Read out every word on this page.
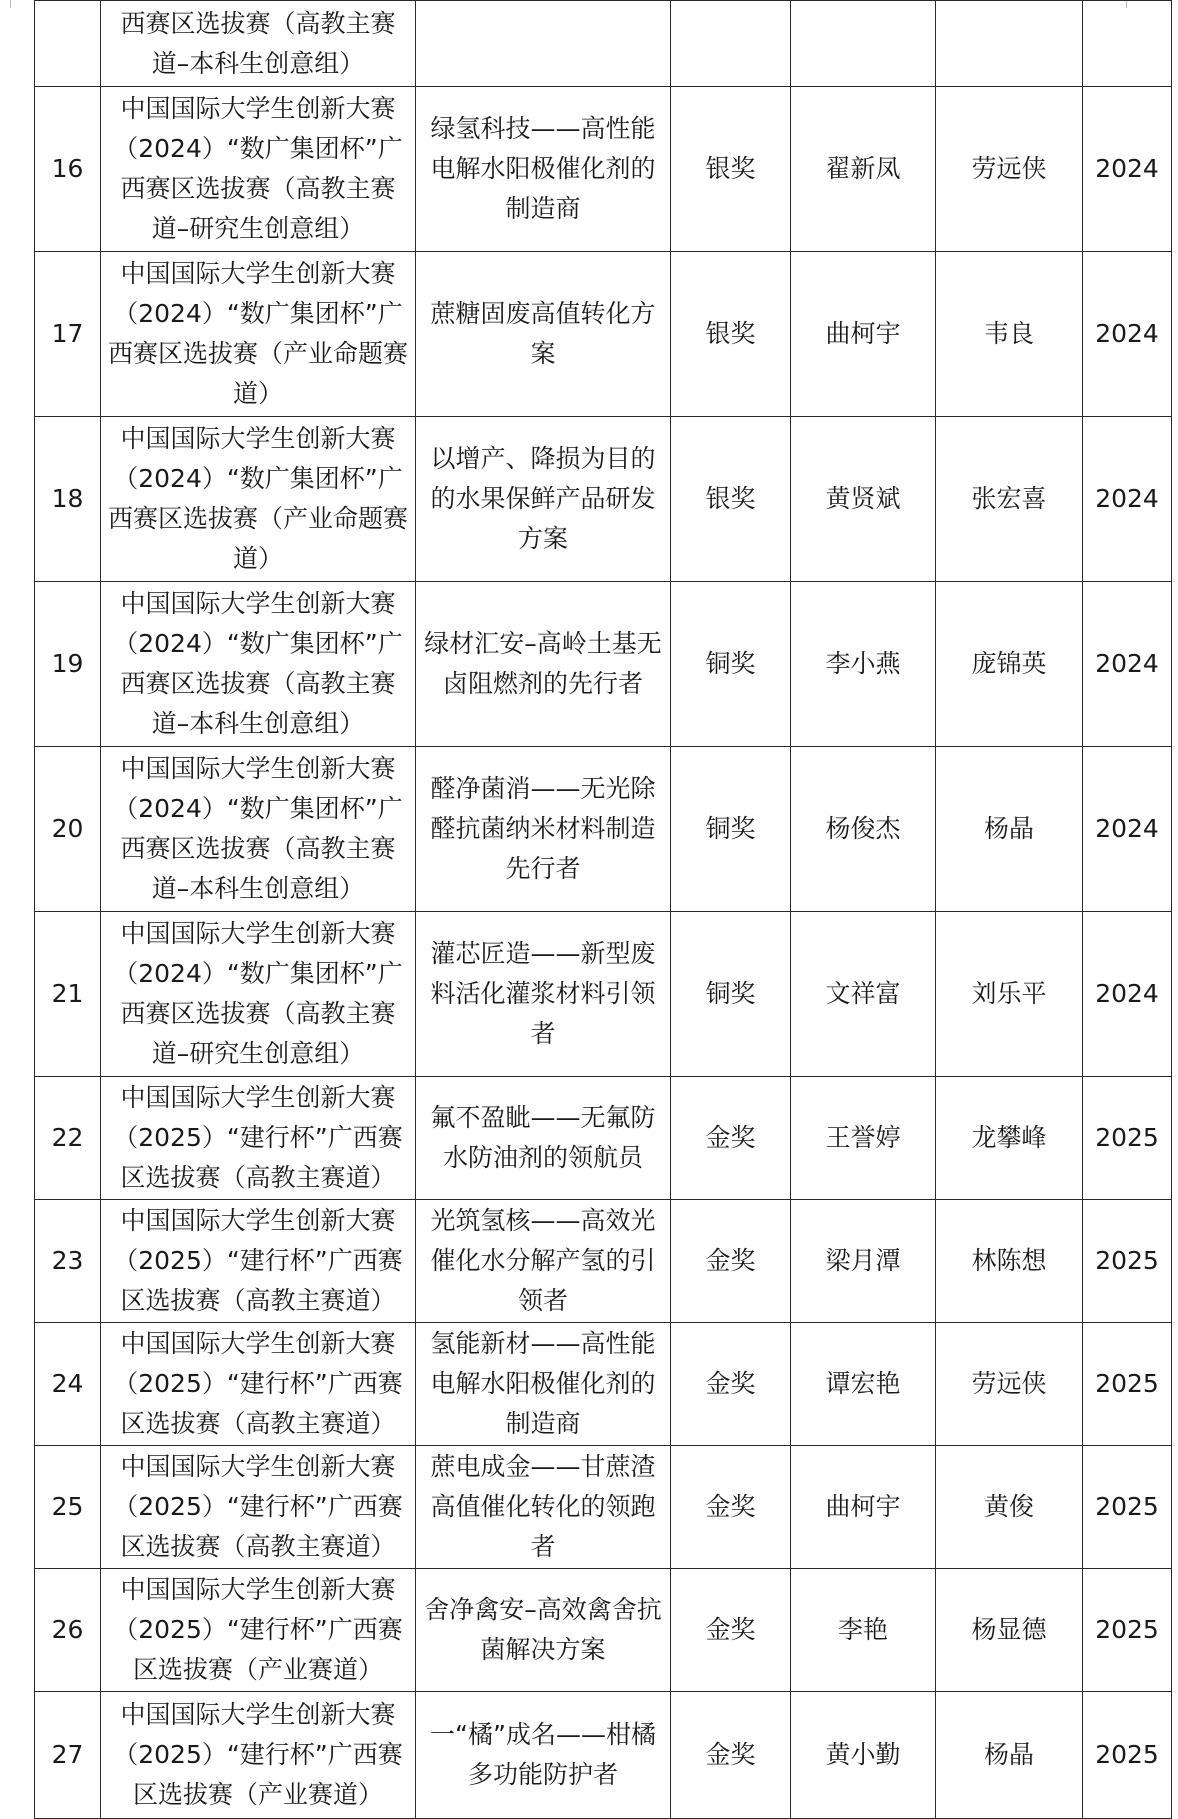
	西赛区选拔赛（高教主赛道–本科生创意组）					
16	中国国际大学生创新大赛（2024）“数广集团杯”广西赛区选拔赛（高教主赛道–研究生创意组）	绿氢科技——高性能电解水阳极催化剂的制造商	银奖	翟新凤	劳远侠	2024
17	中国国际大学生创新大赛（2024）“数广集团杯”广西赛区选拔赛（产业命题赛道）	蔗糖固废高值转化方案	银奖	曲柯宇	韦良	2024
18	中国国际大学生创新大赛（2024）“数广集团杯”广西赛区选拔赛（产业命题赛道）	以增产、降损为目的的水果保鲜产品研发方案	银奖	黄贤斌	张宏喜	2024
19	中国国际大学生创新大赛（2024）“数广集团杯”广西赛区选拔赛（高教主赛道–本科生创意组）	绿材汇安–高岭土基无卤阻燃剂的先行者	铜奖	李小燕	庞锦英	2024
20	中国国际大学生创新大赛（2024）“数广集团杯”广西赛区选拔赛（高教主赛道–本科生创意组）	醛净菌消——无光除醛抗菌纳米材料制造先行者	铜奖	杨俊杰	杨晶	2024
21	中国国际大学生创新大赛（2024）“数广集团杯”广西赛区选拔赛（高教主赛道–研究生创意组）	灌芯匠造——新型废料活化灌浆材料引领者	铜奖	文祥富	刘乐平	2024
22	中国国际大学生创新大赛（2025）“建行杯”广西赛区选拔赛（高教主赛道）	氟不盈眦——无氟防水防油剂的领航员	金奖	王誉婷	龙攀峰	2025
23	中国国际大学生创新大赛（2025）“建行杯”广西赛区选拔赛（高教主赛道）	光筑氢核——高效光催化水分解产氢的引领者	金奖	梁月潭	林陈想	2025
24	中国国际大学生创新大赛（2025）“建行杯”广西赛区选拔赛（高教主赛道）	氢能新材——高性能电解水阳极催化剂的制造商	金奖	谭宏艳	劳远侠	2025
25	中国国际大学生创新大赛（2025）“建行杯”广西赛区选拔赛（高教主赛道）	蔗电成金——甘蔗渣高值催化转化的领跑者	金奖	曲柯宇	黄俊	2025
26	中国国际大学生创新大赛（2025）“建行杯”广西赛区选拔赛（产业赛道）	舍净禽安–高效禽舍抗菌解决方案	金奖	李艳	杨显德	2025
27	中国国际大学生创新大赛（2025）“建行杯”广西赛区选拔赛（产业赛道）	一“橘”成名——柑橘多功能防护者	金奖	黄小勤	杨晶	2025
